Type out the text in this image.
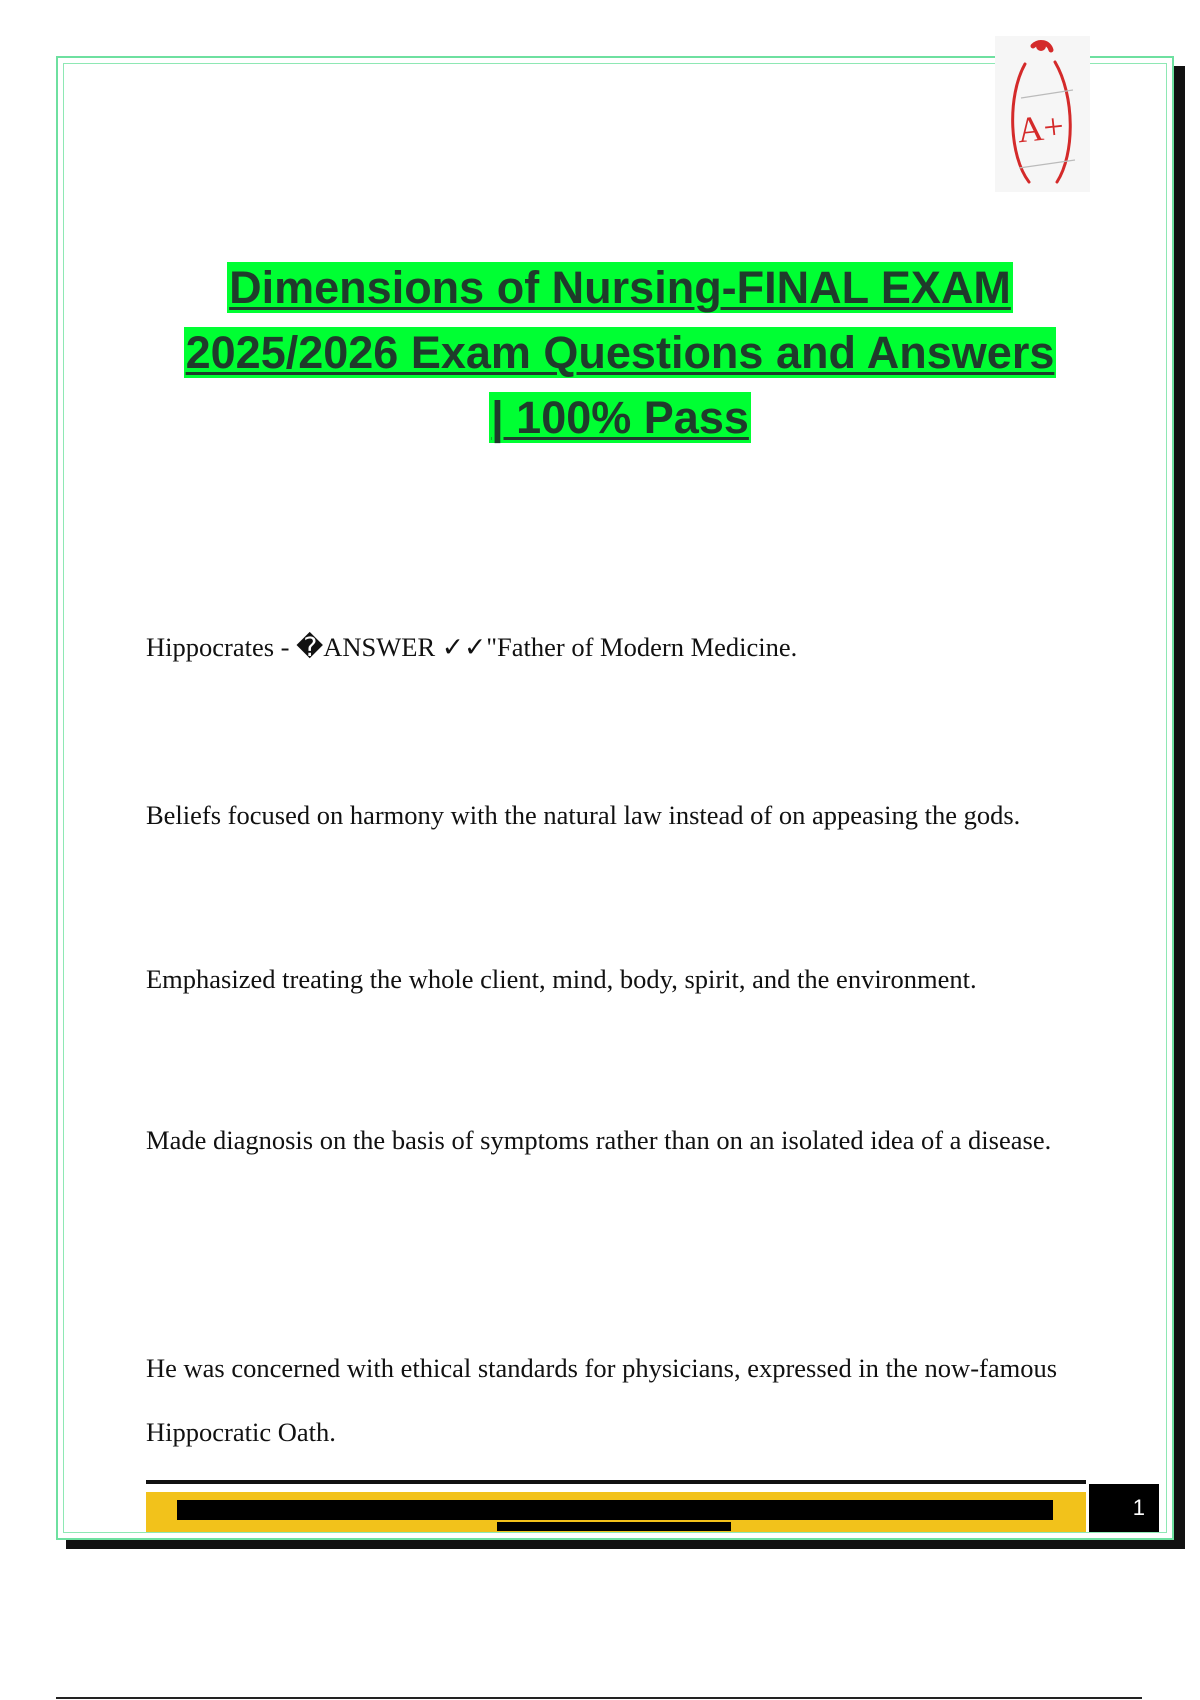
A+
Dimensions of Nursing-FINAL EXAM
2025/2026 Exam Questions and Answers
| 100% Pass

Hippocrates - �ANSWER ✓✓"Father of Modern Medicine.

Beliefs focused on harmony with the natural law instead of on appeasing the gods.

Emphasized treating the whole client, mind, body, spirit, and the environment.

Made diagnosis on the basis of symptoms rather than on an isolated idea of a disease.

He was concerned with ethical standards for physicians, expressed in the now-famous Hippocratic Oath.

1
